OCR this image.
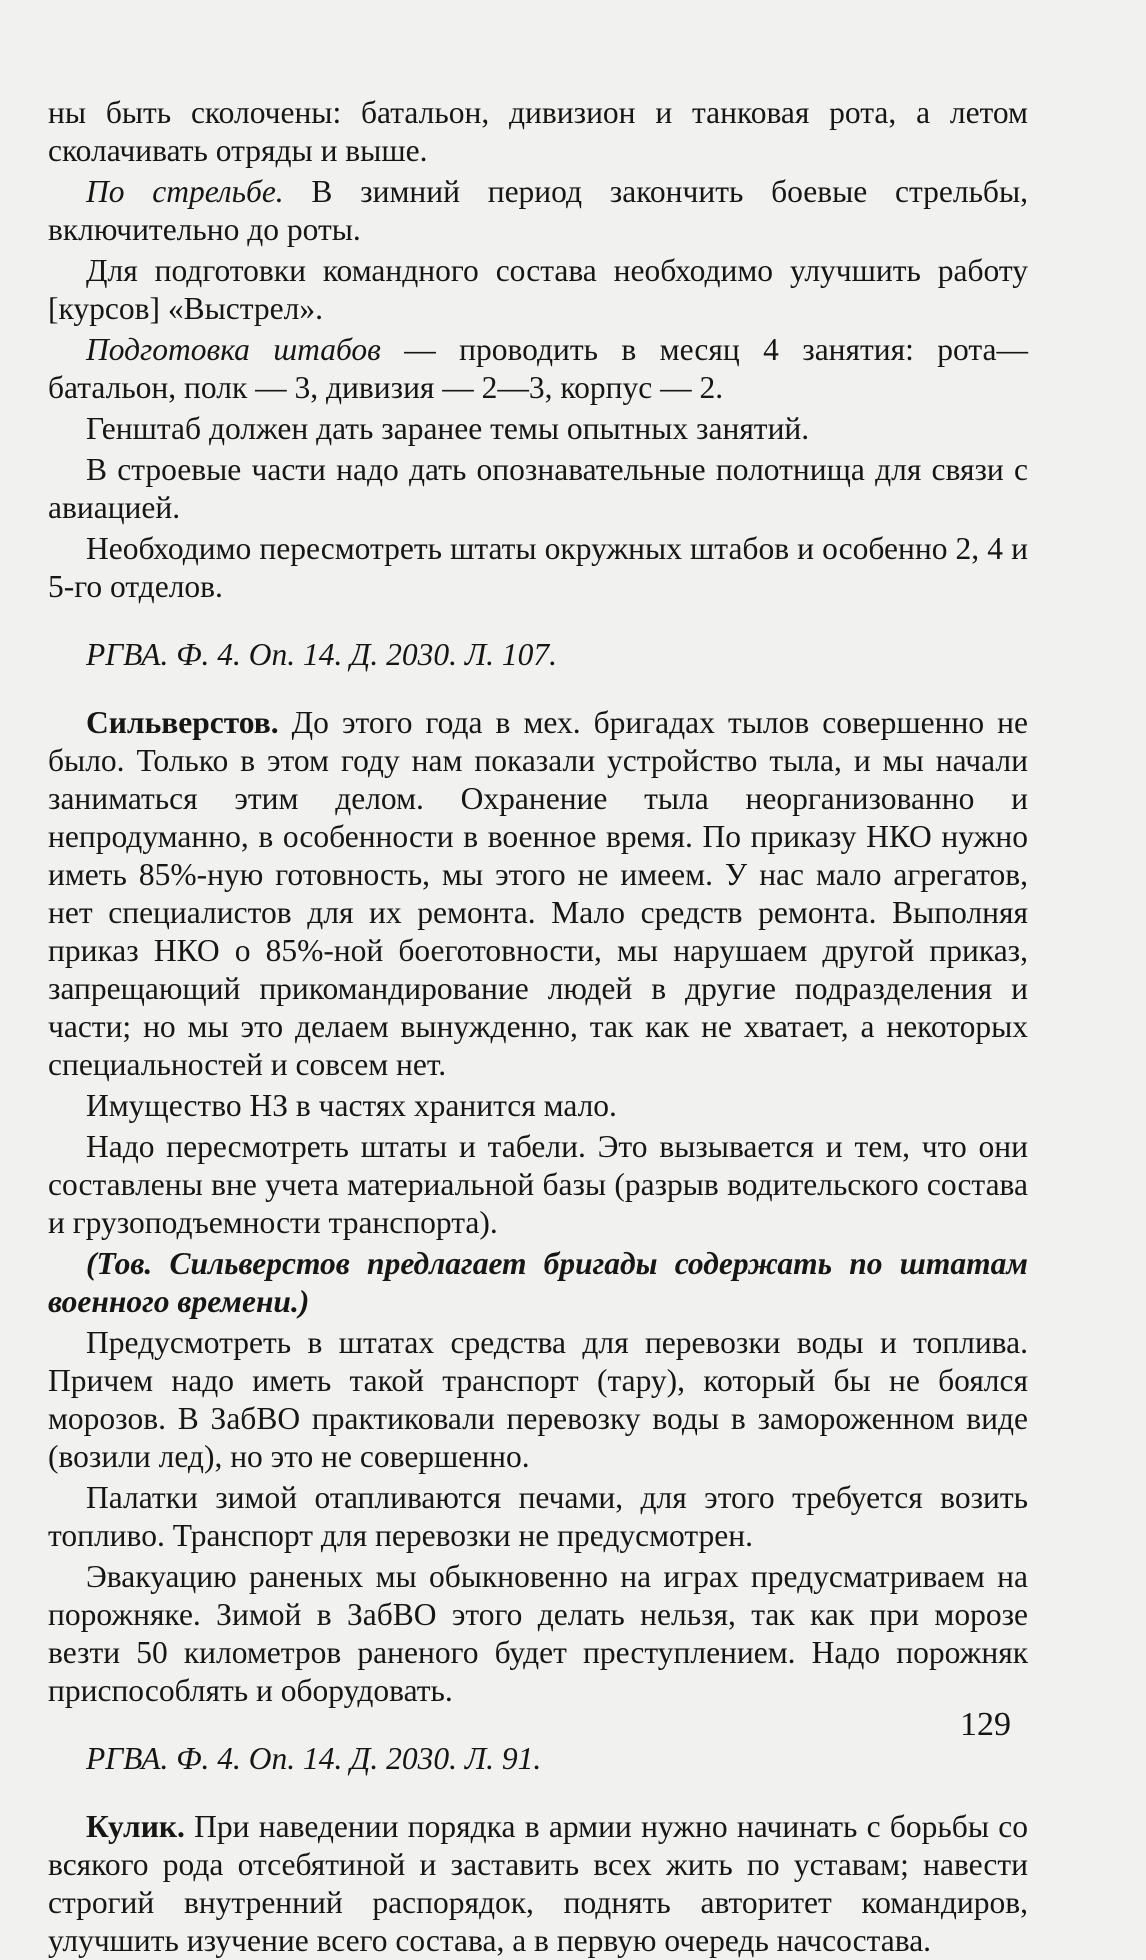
ны быть сколочены: батальон, дивизион и танковая рота, а летом сколачивать отряды и выше.

По стрельбе. В зимний период закончить боевые стрельбы, включительно до роты.

Для подготовки командного состава необходимо улучшить работу [курсов] «Выстрел».

Подготовка штабов — проводить в месяц 4 занятия: рота—батальон, полк — 3, дивизия — 2—3, корпус — 2.

Генштаб должен дать заранее темы опытных занятий.

В строевые части надо дать опознавательные полотнища для связи с авиацией.

Необходимо пересмотреть штаты окружных штабов и особенно 2, 4 и 5-го отделов.

РГВА. Ф. 4. Оп. 14. Д. 2030. Л. 107.

Сильверстов. До этого года в мех. бригадах тылов совершенно не было. Только в этом году нам показали устройство тыла, и мы начали заниматься этим делом. Охранение тыла неорганизованно и непродуманно, в особенности в военное время. По приказу НКО нужно иметь 85%-ную готовность, мы этого не имеем. У нас мало агрегатов, нет специалистов для их ремонта. Мало средств ремонта. Выполняя приказ НКО о 85%-ной боеготовности, мы нарушаем другой приказ, запрещающий прикомандирование людей в другие подразделения и части; но мы это делаем вынужденно, так как не хватает, а некоторых специальностей и совсем нет.

Имущество НЗ в частях хранится мало.

Надо пересмотреть штаты и табели. Это вызывается и тем, что они составлены вне учета материальной базы (разрыв водительского состава и грузоподъемности транспорта).

(Тов. Сильверстов предлагает бригады содержать по штатам военного времени.)

Предусмотреть в штатах средства для перевозки воды и топлива. Причем надо иметь такой транспорт (тару), который бы не боялся морозов. В ЗабВО практиковали перевозку воды в замороженном виде (возили лед), но это не совершенно.

Палатки зимой отапливаются печами, для этого требуется возить топливо. Транспорт для перевозки не предусмотрен.

Эвакуацию раненых мы обыкновенно на играх предусматриваем на порожняке. Зимой в ЗабВО этого делать нельзя, так как при морозе везти 50 километров раненого будет преступлением. Надо порожняк приспособлять и оборудовать.

РГВА. Ф. 4. Оп. 14. Д. 2030. Л. 91.

Кулик. При наведении порядка в армии нужно начинать с борьбы со всякого рода отсебятиной и заставить всех жить по уставам; навести строгий внутренний распорядок, поднять авторитет командиров, улучшить изучение всего состава, а в первую очередь начсостава.

129
